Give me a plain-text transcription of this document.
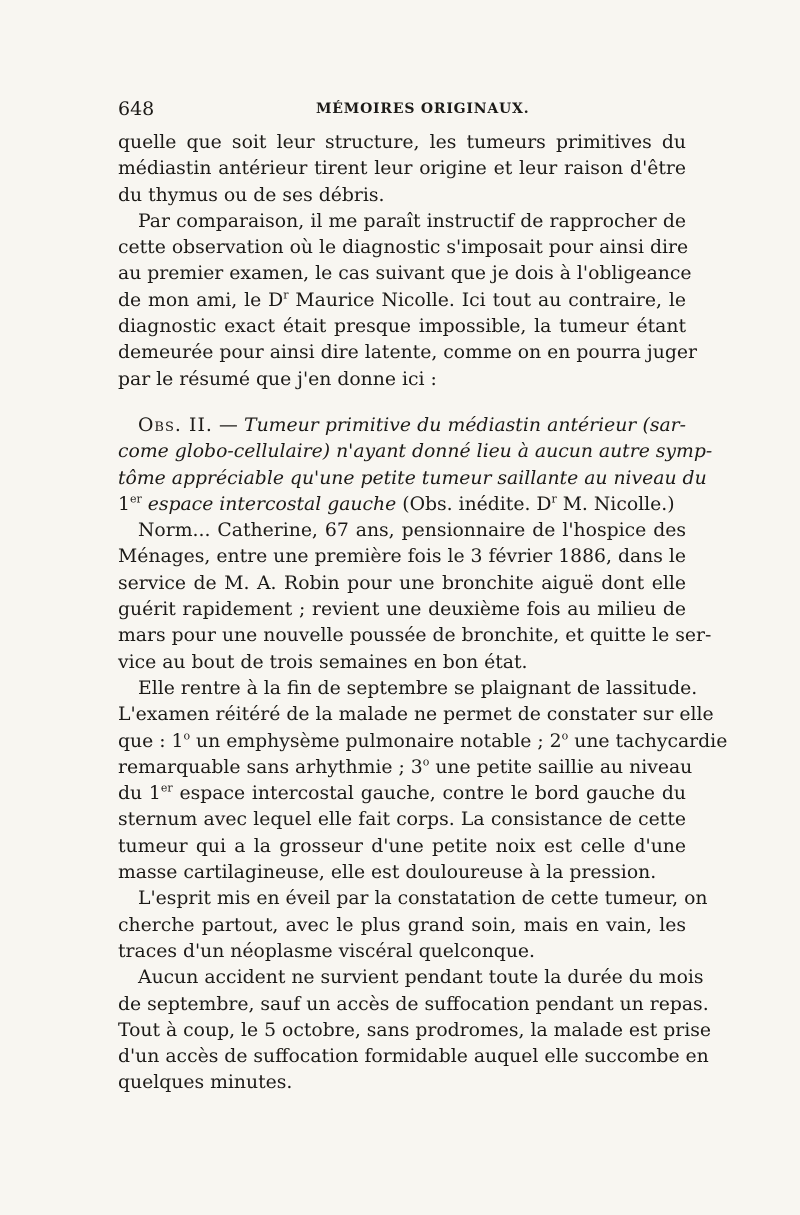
648	MÉMOIRES ORIGINAUX.
quelle que soit leur structure, les tumeurs primitives du
médiastin antérieur tirent leur origine et leur raison d'être
du thymus ou de ses débris.
Par comparaison, il me paraît instructif de rapprocher de
cette observation où le diagnostic s'imposait pour ainsi dire
au premier examen, le cas suivant que je dois à l'obligeance
de mon ami, le $D^r$ Maurice Nicolle. Ici tout au contraire, le
diagnostic exact était presque impossible, la tumeur étant
demeurée pour ainsi dire latente, comme on en pourra juger
par le résumé que j'en donne ici :
Obs. II. — Tumeur primitive du médiastin antérieur (sar-
come globo-cellulaire) n'ayant donné lieu à aucun autre symp-
tôme appréciable qu'une petite tumeur saillante au niveau du
1er espace intercostal gauche (Obs. inédite. $D^r$ M. Nicolle.)
Norm... Catherine, 67 ans, pensionnaire de l'hospice des
Ménages, entre une première fois le 3 février 1886, dans le
service de M. A. Robin pour une bronchite aiguë dont elle
guérit rapidement ; revient une deuxième fois au milieu de
mars pour une nouvelle poussée de bronchite, et quitte le ser-
vice au bout de trois semaines en bon état.
Elle rentre à la fin de septembre se plaignant de lassitude.
L'examen réitéré de la malade ne permet de constater sur elle
que : 1$^o$ un emphysème pulmonaire notable ; 2$^o$ une tachycardie
remarquable sans arhythmie ; 3$^o$ une petite saillie au niveau
du 1er espace intercostal gauche, contre le bord gauche du
sternum avec lequel elle fait corps. La consistance de cette
tumeur qui a la grosseur d'une petite noix est celle d'une
masse cartilagineuse, elle est douloureuse à la pression.
L'esprit mis en éveil par la constatation de cette tumeur, on
cherche partout, avec le plus grand soin, mais en vain, les
traces d'un néoplasme viscéral quelconque.
Aucun accident ne survient pendant toute la durée du mois
de septembre, sauf un accès de suffocation pendant un repas.
Tout à coup, le 5 octobre, sans prodromes, la malade est prise
d'un accès de suffocation formidable auquel elle succombe en
quelques minutes.
